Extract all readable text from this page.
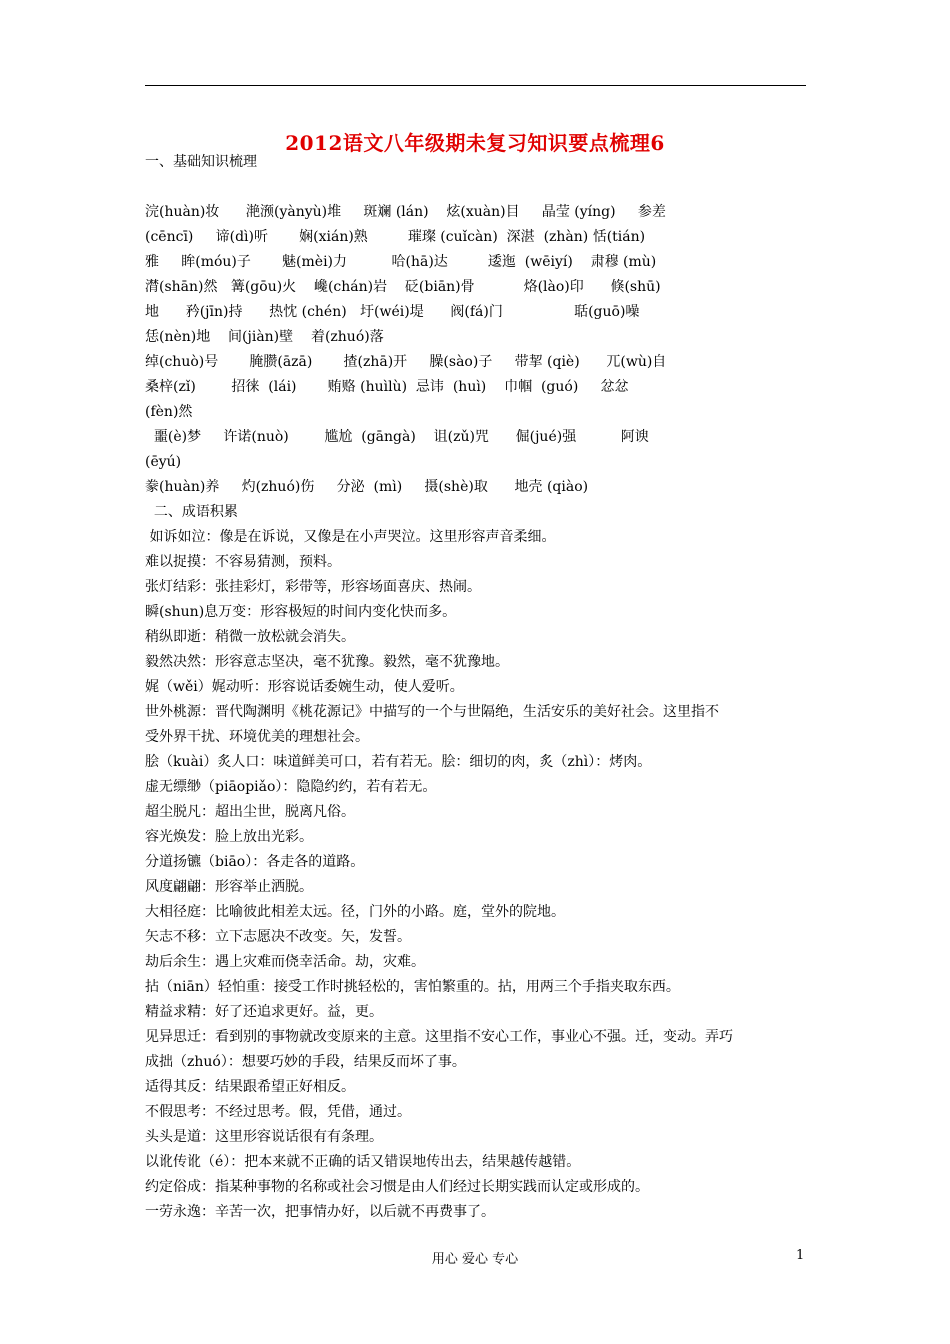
2012语文八年级期未复习知识要点梳理6
一、基础知识梳理
浣(huàn)妆      滟滪(yànyù)堆     斑斓 (lán)    炫(xuàn)目     晶莹 (yíng)     参差
(cēncī)     谛(dì)听       娴(xián)熟         璀璨 (cuǐcàn)  深湛  (zhàn) 恬(tián)
雅     眸(móu)子       魅(mèi)力          哈(hā)达         逶迤  (wēiyí)    肃穆 (mù)
潸(shān)然   篝(gōu)火    巉(chán)岩    砭(biān)骨           烙(lào)印      倏(shū)
地      矜(jīn)持      热忱 (chén)   圩(wéi)堤      阀(fá)门                聒(guō)噪
恁(nèn)地    间(jiàn)壁    着(zhuó)落
绰(chuò)号       腌臜(āzā)       揸(zhā)开     臊(sào)子     带挈 (qiè)      兀(wù)自
桑梓(zǐ)        招徕  (lái)       贿赂 (huìlù)  忌讳  (huì)    巾帼  (guó)     忿忿
(fèn)然
噩(è)梦     许诺(nuò)        尴尬  (gāngà)    诅(zǔ)咒      倔(jué)强          阿谀
(ēyú)
豢(huàn)养     灼(zhuó)伤     分泌  (mì)     摄(shè)取      地壳 (qiào)
二、成语积累
如诉如泣：像是在诉说，又像是在小声哭泣。这里形容声音柔细。
难以捉摸：不容易猜测，预料。
张灯结彩：张挂彩灯，彩带等，形容场面喜庆、热闹。
瞬(shun)息万变：形容极短的时间内变化快而多。
稍纵即逝：稍微一放松就会消失。
毅然决然：形容意志坚决，毫不犹豫。毅然，毫不犹豫地。
娓（wěi）娓动听：形容说话委婉生动，使人爱听。
世外桃源：晋代陶渊明《桃花源记》中描写的一个与世隔绝，生活安乐的美好社会。这里指不
受外界干扰、环境优美的理想社会。
脍（kuài）炙人口：味道鲜美可口，若有若无。脍：细切的肉，炙（zhì）：烤肉。
虚无缥缈（piāopiǎo）：隐隐约约，若有若无。
超尘脱凡：超出尘世，脱离凡俗。
容光焕发：脸上放出光彩。
分道扬镳（biāo）：各走各的道路。
风度翩翩：形容举止洒脱。
大相径庭：比喻彼此相差太远。径，门外的小路。庭，堂外的院地。
矢志不移：立下志愿决不改变。矢，发誓。
劫后余生：遇上灾难而侥幸活命。劫，灾难。
拈（niān）轻怕重：接受工作时挑轻松的，害怕繁重的。拈，用两三个手指夹取东西。
精益求精：好了还追求更好。益，更。
见异思迁：看到别的事物就改变原来的主意。这里指不安心工作，事业心不强。迁，变动。弄巧
成拙（zhuó）：想要巧妙的手段，结果反而坏了事。
适得其反：结果跟希望正好相反。
不假思考：不经过思考。假，凭借，通过。
头头是道：这里形容说话很有有条理。
以讹传讹（é）：把本来就不正确的话又错误地传出去，结果越传越错。
约定俗成：指某种事物的名称或社会习惯是由人们经过长期实践而认定或形成的。
一劳永逸：辛苦一次，把事情办好，以后就不再费事了。
用心 爱心 专心	1
